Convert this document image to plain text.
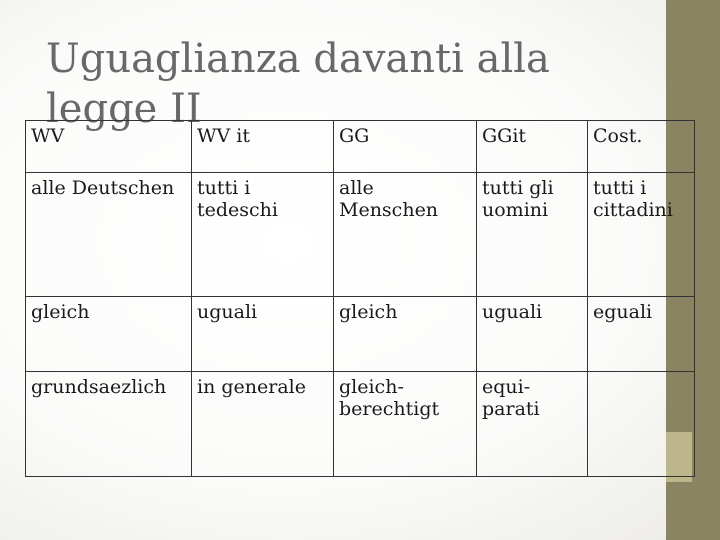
Uguaglianza davanti alla legge II
WV	WV it	GG	GGit	Cost.
alle Deutschen	tutti i tedeschi	alle Menschen	tutti gli uomini	tutti i cittadini
gleich	uguali	gleich	uguali	eguali
grundsaezlich	in generale	gleich-berechtigt	equi-parati	
